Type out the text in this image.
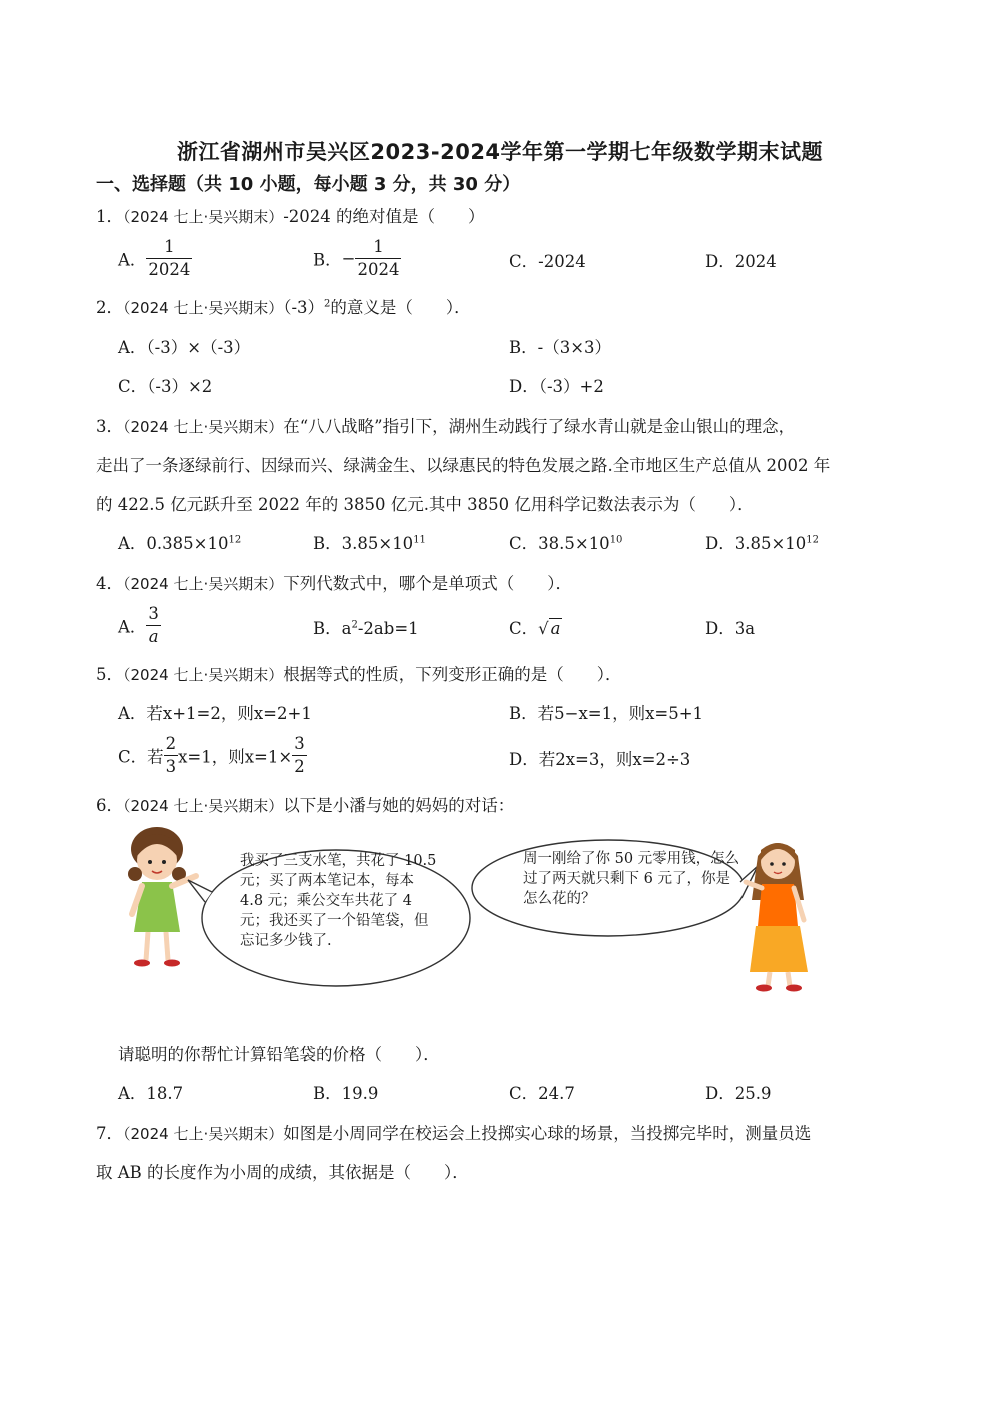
浙江省湖州市吴兴区2023-2024学年第一学期七年级数学期末试题
一、选择题（共 10 小题，每小题 3 分，共 30 分）
1．（2024 七上·吴兴期末）-2024 的绝对值是（　　）
A． $\frac{1}{2024}$	B．− $\frac{1}{2024}$	C．-2024	D．2024
2．（2024 七上·吴兴期末）$(-3)^2$的意义是（　　）．
A．（-3）×（-3）	B．-（3×3）
C．（-3）×2	D．（-3）+2
3．（2024 七上·吴兴期末）在“八八战略”指引下，湖州生动践行了绿水青山就是金山银山的理念，
走出了一条逐绿前行、因绿而兴、绿满金生、以绿惠民的特色发展之路.全市地区生产总值从 2002 年
的 422.5 亿元跃升至 2022 年的 3850 亿元.其中 3850 亿用科学记数法表示为（　　）．
A．$0.385\times 10^{12}$	B．$3.85\times 10^{11}$	C．$38.5\times 10^{10}$	D．$3.85\times 10^{12}$
4．（2024 七上·吴兴期末）下列代数式中，哪个是单项式（　　）．
A． $\frac{3}{a}$	B．$a^2-2ab=1$	C．√ a	D．3a
5．（2024 七上·吴兴期末）根据等式的性质，下列变形正确的是（　　）．
A．若x+1=2，则x=2+1	B．若5−x=1，则x=5+1
C．若 $\frac{2}{3} x=1$，则$x=1\times \frac{3}{2}$	D．若2x=3，则x=2÷3
6．（2024 七上·吴兴期末）以下是小潘与她的妈妈的对话：
我买了三支水笔，共花了 10.5 元；买了两本笔记本，每本 4.8 元；乘公交车共花了 4 元；我还买了一个铅笔袋，但忘记多少钱了.
周一刚给了你 50 元零用钱，怎么过了两天就只剩下 6 元了，你是怎么花的？
请聪明的你帮忙计算铅笔袋的价格（　　）．
A．18.7	B．19.9	C．24.7	D．25.9
7．（2024 七上·吴兴期末）如图是小周同学在校运会上投掷实心球的场景，当投掷完毕时，测量员选
取 AB 的长度作为小周的成绩，其依据是（　　）．
